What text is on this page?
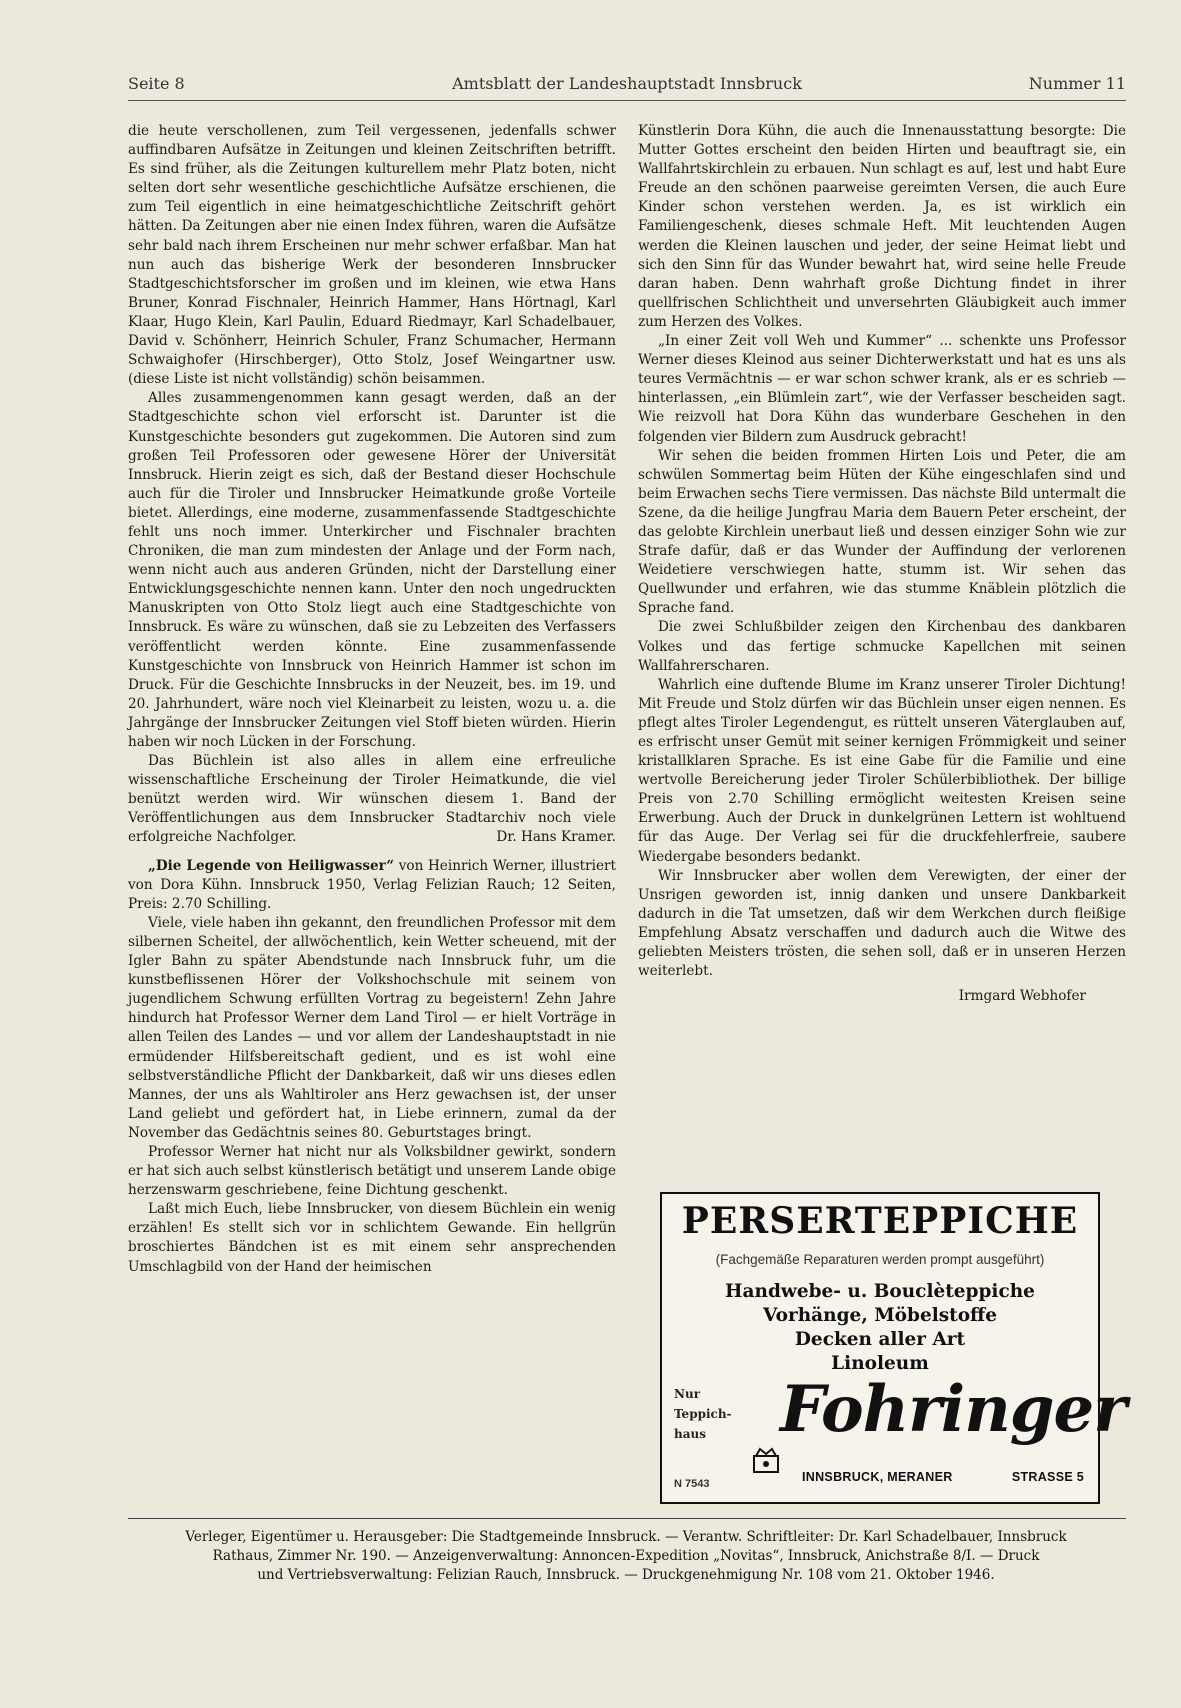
Seite 8	Amtsblatt der Landeshauptstadt Innsbruck	Nummer 11

die heute verschollenen, zum Teil vergessenen, jedenfalls schwer auffindbaren Aufsätze in Zeitungen und kleinen Zeitschriften betrifft. Es sind früher, als die Zeitungen kulturellem mehr Platz boten, nicht selten dort sehr wesentliche geschichtliche Aufsätze erschienen, die zum Teil eigentlich in eine heimatgeschichtliche Zeitschrift gehört hätten. Da Zeitungen aber nie einen Index führen, waren die Aufsätze sehr bald nach ihrem Erscheinen nur mehr schwer erfaßbar. Man hat nun auch das bisherige Werk der besonderen Innsbrucker Stadtgeschichtsforscher im großen und im kleinen, wie etwa Hans Bruner, Konrad Fischnaler, Heinrich Hammer, Hans Hörtnagl, Karl Klaar, Hugo Klein, Karl Paulin, Eduard Riedmayr, Karl Schadelbauer, David v. Schönherr, Heinrich Schuler, Franz Schumacher, Hermann Schwaighofer (Hirschberger), Otto Stolz, Josef Weingartner usw. (diese Liste ist nicht vollständig) schön beisammen.

Alles zusammengenommen kann gesagt werden, daß an der Stadtgeschichte schon viel erforscht ist. Darunter ist die Kunstgeschichte besonders gut zugekommen. Die Autoren sind zum großen Teil Professoren oder gewesene Hörer der Universität Innsbruck. Hierin zeigt es sich, daß der Bestand dieser Hochschule auch für die Tiroler und Innsbrucker Heimatkunde große Vorteile bietet. Allerdings, eine moderne, zusammenfassende Stadtgeschichte fehlt uns noch immer. Unterkircher und Fischnaler brachten Chroniken, die man zum mindesten der Anlage und der Form nach, wenn nicht auch aus anderen Gründen, nicht der Darstellung einer Entwicklungsgeschichte nennen kann. Unter den noch ungedruckten Manuskripten von Otto Stolz liegt auch eine Stadtgeschichte von Innsbruck. Es wäre zu wünschen, daß sie zu Lebzeiten des Verfassers veröffentlicht werden könnte. Eine zusammenfassende Kunstgeschichte von Innsbruck von Heinrich Hammer ist schon im Druck. Für die Geschichte Innsbrucks in der Neuzeit, bes. im 19. und 20. Jahrhundert, wäre noch viel Kleinarbeit zu leisten, wozu u. a. die Jahrgänge der Innsbrucker Zeitungen viel Stoff bieten würden. Hierin haben wir noch Lücken in der Forschung.

Das Büchlein ist also alles in allem eine erfreuliche wissenschaftliche Erscheinung der Tiroler Heimatkunde, die viel benützt werden wird. Wir wünschen diesem 1. Band der Veröffentlichungen aus dem Innsbrucker Stadtarchiv noch viele erfolgreiche Nachfolger.	Dr. Hans Kramer.

„Die Legende von Heiligwasser“ von Heinrich Werner, illustriert von Dora Kühn. Innsbruck 1950, Verlag Felizian Rauch; 12 Seiten, Preis: 2.70 Schilling.

Viele, viele haben ihn gekannt, den freundlichen Professor mit dem silbernen Scheitel, der allwöchentlich, kein Wetter scheuend, mit der Igler Bahn zu später Abendstunde nach Innsbruck fuhr, um die kunstbeflissenen Hörer der Volkshochschule mit seinem von jugendlichem Schwung erfüllten Vortrag zu begeistern! Zehn Jahre hindurch hat Professor Werner dem Land Tirol — er hielt Vorträge in allen Teilen des Landes — und vor allem der Landeshauptstadt in nie ermüdender Hilfsbereitschaft gedient, und es ist wohl eine selbstverständliche Pflicht der Dankbarkeit, daß wir uns dieses edlen Mannes, der uns als Wahltiroler ans Herz gewachsen ist, der unser Land geliebt und gefördert hat, in Liebe erinnern, zumal da der November das Gedächtnis seines 80. Geburtstages bringt.

Professor Werner hat nicht nur als Volksbildner gewirkt, sondern er hat sich auch selbst künstlerisch betätigt und unserem Lande obige herzenswarm geschriebene, feine Dichtung geschenkt.

Laßt mich Euch, liebe Innsbrucker, von diesem Büchlein ein wenig erzählen! Es stellt sich vor in schlichtem Gewande. Ein hellgrün broschiertes Bändchen ist es mit einem sehr ansprechenden Umschlagbild von der Hand der heimischen

Künstlerin Dora Kühn, die auch die Innenausstattung besorgte: Die Mutter Gottes erscheint den beiden Hirten und beauftragt sie, ein Wallfahrtskirchlein zu erbauen. Nun schlagt es auf, lest und habt Eure Freude an den schönen paarweise gereimten Versen, die auch Eure Kinder schon verstehen werden. Ja, es ist wirklich ein Familiengeschenk, dieses schmale Heft. Mit leuchtenden Augen werden die Kleinen lauschen und jeder, der seine Heimat liebt und sich den Sinn für das Wunder bewahrt hat, wird seine helle Freude daran haben. Denn wahrhaft große Dichtung findet in ihrer quellfrischen Schlichtheit und unversehrten Gläubigkeit auch immer zum Herzen des Volkes.

„In einer Zeit voll Weh und Kummer“ ... schenkte uns Professor Werner dieses Kleinod aus seiner Dichterwerkstatt und hat es uns als teures Vermächtnis — er war schon schwer krank, als er es schrieb — hinterlassen, „ein Blümlein zart“, wie der Verfasser bescheiden sagt. Wie reizvoll hat Dora Kühn das wunderbare Geschehen in den folgenden vier Bildern zum Ausdruck gebracht!

Wir sehen die beiden frommen Hirten Lois und Peter, die am schwülen Sommertag beim Hüten der Kühe eingeschlafen sind und beim Erwachen sechs Tiere vermissen. Das nächste Bild untermalt die Szene, da die heilige Jungfrau Maria dem Bauern Peter erscheint, der das gelobte Kirchlein unerbaut ließ und dessen einziger Sohn wie zur Strafe dafür, daß er das Wunder der Auffindung der verlorenen Weidetiere verschwiegen hatte, stumm ist. Wir sehen das Quellwunder und erfahren, wie das stumme Knäblein plötzlich die Sprache fand.

Die zwei Schlußbilder zeigen den Kirchenbau des dankbaren Volkes und das fertige schmucke Kapellchen mit seinen Wallfahrerscharen.

Wahrlich eine duftende Blume im Kranz unserer Tiroler Dichtung! Mit Freude und Stolz dürfen wir das Büchlein unser eigen nennen. Es pflegt altes Tiroler Legendengut, es rüttelt unseren Väterglauben auf, es erfrischt unser Gemüt mit seiner kernigen Frömmigkeit und seiner kristallklaren Sprache. Es ist eine Gabe für die Familie und eine wertvolle Bereicherung jeder Tiroler Schülerbibliothek. Der billige Preis von 2.70 Schilling ermöglicht weitesten Kreisen seine Erwerbung. Auch der Druck in dunkelgrünen Lettern ist wohltuend für das Auge. Der Verlag sei für die druckfehlerfreie, saubere Wiedergabe besonders bedankt.

Wir Innsbrucker aber wollen dem Verewigten, der einer der Unsrigen geworden ist, innig danken und unsere Dankbarkeit dadurch in die Tat umsetzen, daß wir dem Werkchen durch fleißige Empfehlung Absatz verschaffen und dadurch auch die Witwe des geliebten Meisters trösten, die sehen soll, daß er in unseren Herzen weiterlebt.

Irmgard Webhofer

PERSERTEPPICHE
(Fachgemäße Reparaturen werden prompt ausgeführt)
Handwebe- u. Bouclèteppiche
Vorhänge, Möbelstoffe
Decken aller Art
Linoleum
Nur
Teppich-
haus	Fohringer
INNSBRUCK, MERANER	STRASSE 5
N 7543

Verleger, Eigentümer u. Herausgeber: Die Stadtgemeinde Innsbruck. — Verantw. Schriftleiter: Dr. Karl Schadelbauer, Innsbruck

Rathaus, Zimmer Nr. 190. — Anzeigenverwaltung: Annoncen-Expedition „Novitas“, Innsbruck, Anichstraße 8/I. — Druck

und Vertriebsverwaltung: Felizian Rauch, Innsbruck. — Druckgenehmigung Nr. 108 vom 21. Oktober 1946.
